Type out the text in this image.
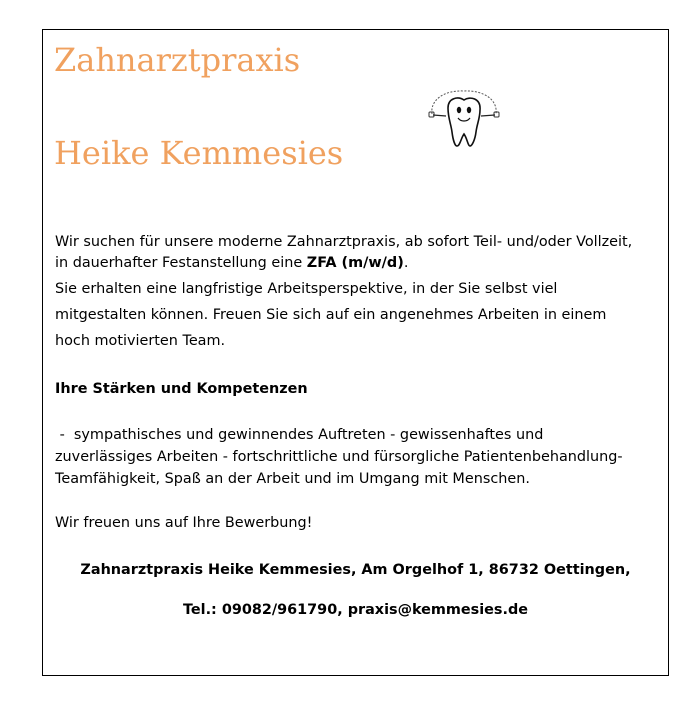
Zahnarztpraxis
Heike Kemmesies

Wir suchen für unsere moderne Zahnarztpraxis, ab sofort Teil- und/oder Vollzeit,
in dauerhafter Festanstellung eine ZFA (m/w/d).

Sie erhalten eine langfristige Arbeitsperspektive, in der Sie selbst viel
mitgestalten können. Freuen Sie sich auf ein angenehmes Arbeiten in einem
hoch motivierten Team.

Ihre Stärken und Kompetenzen

-  sympathisches und gewinnendes Auftreten - gewissenhaftes und
zuverlässiges Arbeiten - fortschrittliche und fürsorgliche Patientenbehandlung-
Teamfähigkeit, Spaß an der Arbeit und im Umgang mit Menschen.

Wir freuen uns auf Ihre Bewerbung!

Zahnarztpraxis Heike Kemmesies, Am Orgelhof 1, 86732 Oettingen,

Tel.: 09082/961790, praxis@kemmesies.de
